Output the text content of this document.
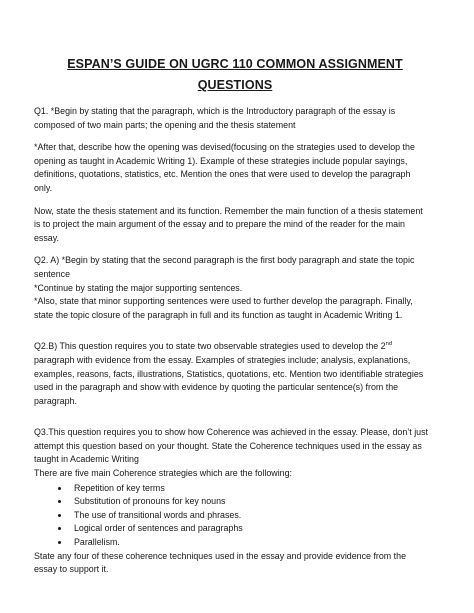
ESPAN’S GUIDE ON UGRC 110 COMMON ASSIGNMENT
QUESTIONS

Q1. *Begin by stating that the paragraph, which is the Introductory paragraph of the essay is composed of two main parts; the opening and the thesis statement

*After that, describe how the opening was devised(focusing on the strategies used to develop the opening as taught in Academic Writing 1). Example of these strategies include popular sayings, definitions, quotations, statistics, etc. Mention the ones that were used to develop the paragraph only.

Now, state the thesis statement and its function. Remember the main function of a thesis statement is to project the main argument of the essay and to prepare the mind of the reader for the main essay.

Q2. A) *Begin by stating that the second paragraph is the first body paragraph and state the topic sentence

*Continue by stating the major supporting sentences.

*Also, state that minor supporting sentences were used to further develop the paragraph. Finally, state the topic closure of the paragraph in full and its function as taught in Academic Writing 1.

Q2.B) This question requires you to state two observable strategies used to develop the 2nd paragraph with evidence from the essay. Examples of strategies include; analysis, explanations, examples, reasons, facts, illustrations, Statistics, quotations, etc. Mention two identifiable strategies used in the paragraph and show with evidence by quoting the particular sentence(s) from the paragraph.

Q3.This question requires you to show how Coherence was achieved in the essay. Please, don’t just attempt this question based on your thought. State the Coherence techniques used in the essay as taught in Academic Writing

There are five main Coherence strategies which are the following:

• Repetition of key terms
• Substitution of pronouns for key nouns
• The use of transitional words and phrases.
• Logical order of sentences and paragraphs
• Parallelism.

State any four of these coherence techniques used in the essay and provide evidence from the essay to support it.
